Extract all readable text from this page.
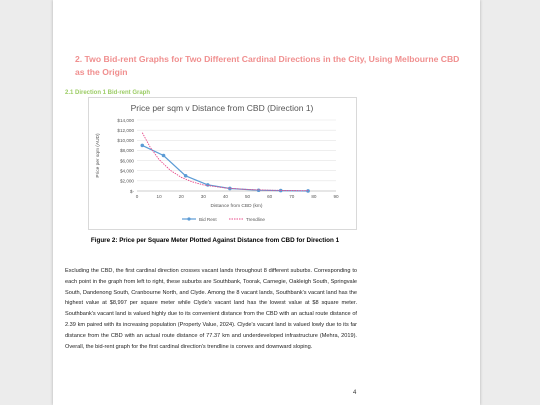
2. Two Bid-rent Graphs for Two Different Cardinal Directions in the City, Using Melbourne CBD as the Origin
2.1 Direction 1 Bid-rent Graph
Price per sqm v Distance from CBD (Direction 1)
$-
$2,000
$4,000
$6,000
$8,000
$10,000
$12,000
$14,000
0	10	20	30	40	50	60	70	80	90
Distance from CBD (km)
Price per sqm (AUD)
Bid Rent	Trendline
Figure 2: Price per Square Meter Plotted Against Distance from CBD for Direction 1
Excluding the CBD, the first cardinal direction crosses vacant lands throughout 8 different suburbs. Corresponding to each point in the graph from left to right, these suburbs are Southbank, Toorak, Carnegie, Oakleigh South, Springvale South, Dandenong South, Cranbourne North, and Clyde. Among the 8 vacant lands, Southbank's vacant land has the highest value at $8,997 per square meter while Clyde's vacant land has the lowest value at $8 square meter. Southbank's vacant land is valued highly due to its convenient distance from the CBD with an actual route distance of 2.39 km paired with its increasing population (Property Value, 2024). Clyde's vacant land is valued lowly due to its far distance from the CBD with an actual route distance of 77.37 km and underdeveloped infrastructure (Mehra, 2019). Overall, the bid-rent graph for the first cardinal direction's trendline is convex and downward sloping.
4
